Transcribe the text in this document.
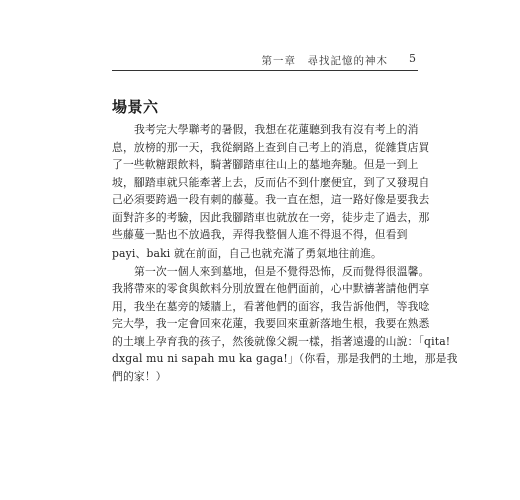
第一章　尋找記憶的神木 5
場景六
我考完大學聯考的暑假，我想在花蓮聽到我有沒有考上的消
息，放榜的那一天，我從網路上查到自己考上的消息，從雜貨店買
了一些軟糖跟飲料，騎著腳踏車往山上的墓地奔馳。但是一到上
坡，腳踏車就只能牽著上去，反而佔不到什麼便宜，到了又發現自
己必須要跨過一段有刺的藤蔓。我一直在想，這一路好像是要我去
面對許多的考驗，因此我腳踏車也就放在一旁，徒步走了過去，那
些藤蔓一點也不放過我，弄得我整個人進不得退不得，但看到
payi、baki 就在前面，自己也就充滿了勇氣地往前進。
第一次一個人來到墓地，但是不覺得恐怖，反而覺得很溫馨。
我將帶來的零食與飲料分別放置在他們面前，心中默禱著請他們享
用，我坐在墓旁的矮牆上，看著他們的面容，我告訴他們，等我唸
完大學，我一定會回來花蓮，我要回來重新落地生根，我要在熟悉
的土壤上孕育我的孩子，然後就像父親一樣，指著遠邊的山說：「qita!
dxgal mu ni sapah mu ka gaga!」（你看，那是我們的土地，那是我
們的家！）
